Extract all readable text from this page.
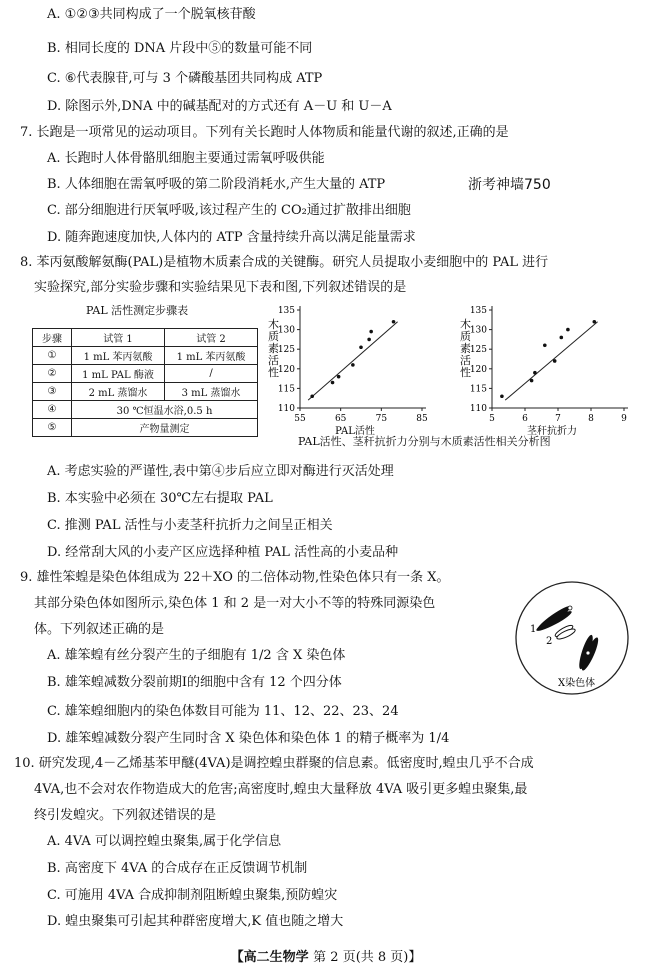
A. ①②③共同构成了一个脱氧核苷酸
B. 相同长度的 DNA 片段中⑤的数量可能不同
C. ⑥代表腺苷,可与 3 个磷酸基团共同构成 ATP
D. 除图示外,DNA 中的碱基配对的方式还有 A－U 和 U－A
7. 长跑是一项常见的运动项目。下列有关长跑时人体物质和能量代谢的叙述,正确的是
A. 长跑时人体骨骼肌细胞主要通过需氧呼吸供能
B. 人体细胞在需氧呼吸的第二阶段消耗水,产生大量的 ATP	浙考神墙750
C. 部分细胞进行厌氧呼吸,该过程产生的 CO₂通过扩散排出细胞
D. 随奔跑速度加快,人体内的 ATP 含量持续升高以满足能量需求
8. 苯丙氨酸解氨酶(PAL)是植物木质素合成的关键酶。研究人员提取小麦细胞中的 PAL 进行
实验探究,部分实验步骤和实验结果见下表和图,下列叙述错误的是
PAL 活性测定步骤表
步骤	试管 1	试管 2
①	1 mL 苯丙氨酸	1 mL 苯丙氨酸
②	1 mL PAL 酶液	/
③	2 mL 蒸馏水	3 mL 蒸馏水
④	30 ℃恒温水浴,0.5 h	
⑤	产物量测定	
110
115
120
125
130
135
55	65	75	85
木质素活性
PAL活性
110
115
120
125
130
135
5	6	7	8	9
木质素活性
茎秆抗折力
PAL活性、茎秆抗折力分别与木质素活性相关分析图
A. 考虑实验的严谨性,表中第④步后应立即对酶进行灭活处理
B. 本实验中必须在 30℃左右提取 PAL
C. 推测 PAL 活性与小麦茎秆抗折力之间呈正相关
D. 经常刮大风的小麦产区应选择种植 PAL 活性高的小麦品种
9. 雄性笨蝗是染色体组成为 22＋XO 的二倍体动物,性染色体只有一条 X。
其部分染色体如图所示,染色体 1 和 2 是一对大小不等的特殊同源染色
体。下列叙述正确的是	1
2
X染色体
A. 雄笨蝗有丝分裂产生的子细胞有 1/2 含 X 染色体
B. 雄笨蝗减数分裂前期Ⅰ的细胞中含有 12 个四分体
C. 雄笨蝗细胞内的染色体数目可能为 11、12、22、23、24
D. 雄笨蝗减数分裂产生同时含 X 染色体和染色体 1 的精子概率为 1/4
10. 研究发现,4－乙烯基苯甲醚(4VA)是调控蝗虫群聚的信息素。低密度时,蝗虫几乎不合成
4VA,也不会对农作物造成大的危害;高密度时,蝗虫大量释放 4VA 吸引更多蝗虫聚集,最
终引发蝗灾。下列叙述错误的是
A. 4VA 可以调控蝗虫聚集,属于化学信息
B. 高密度下 4VA 的合成存在正反馈调节机制
C. 可施用 4VA 合成抑制剂阻断蝗虫聚集,预防蝗灾
D. 蝗虫聚集可引起其种群密度增大,K 值也随之增大
【高二生物学 第 2 页(共 8 页)】
